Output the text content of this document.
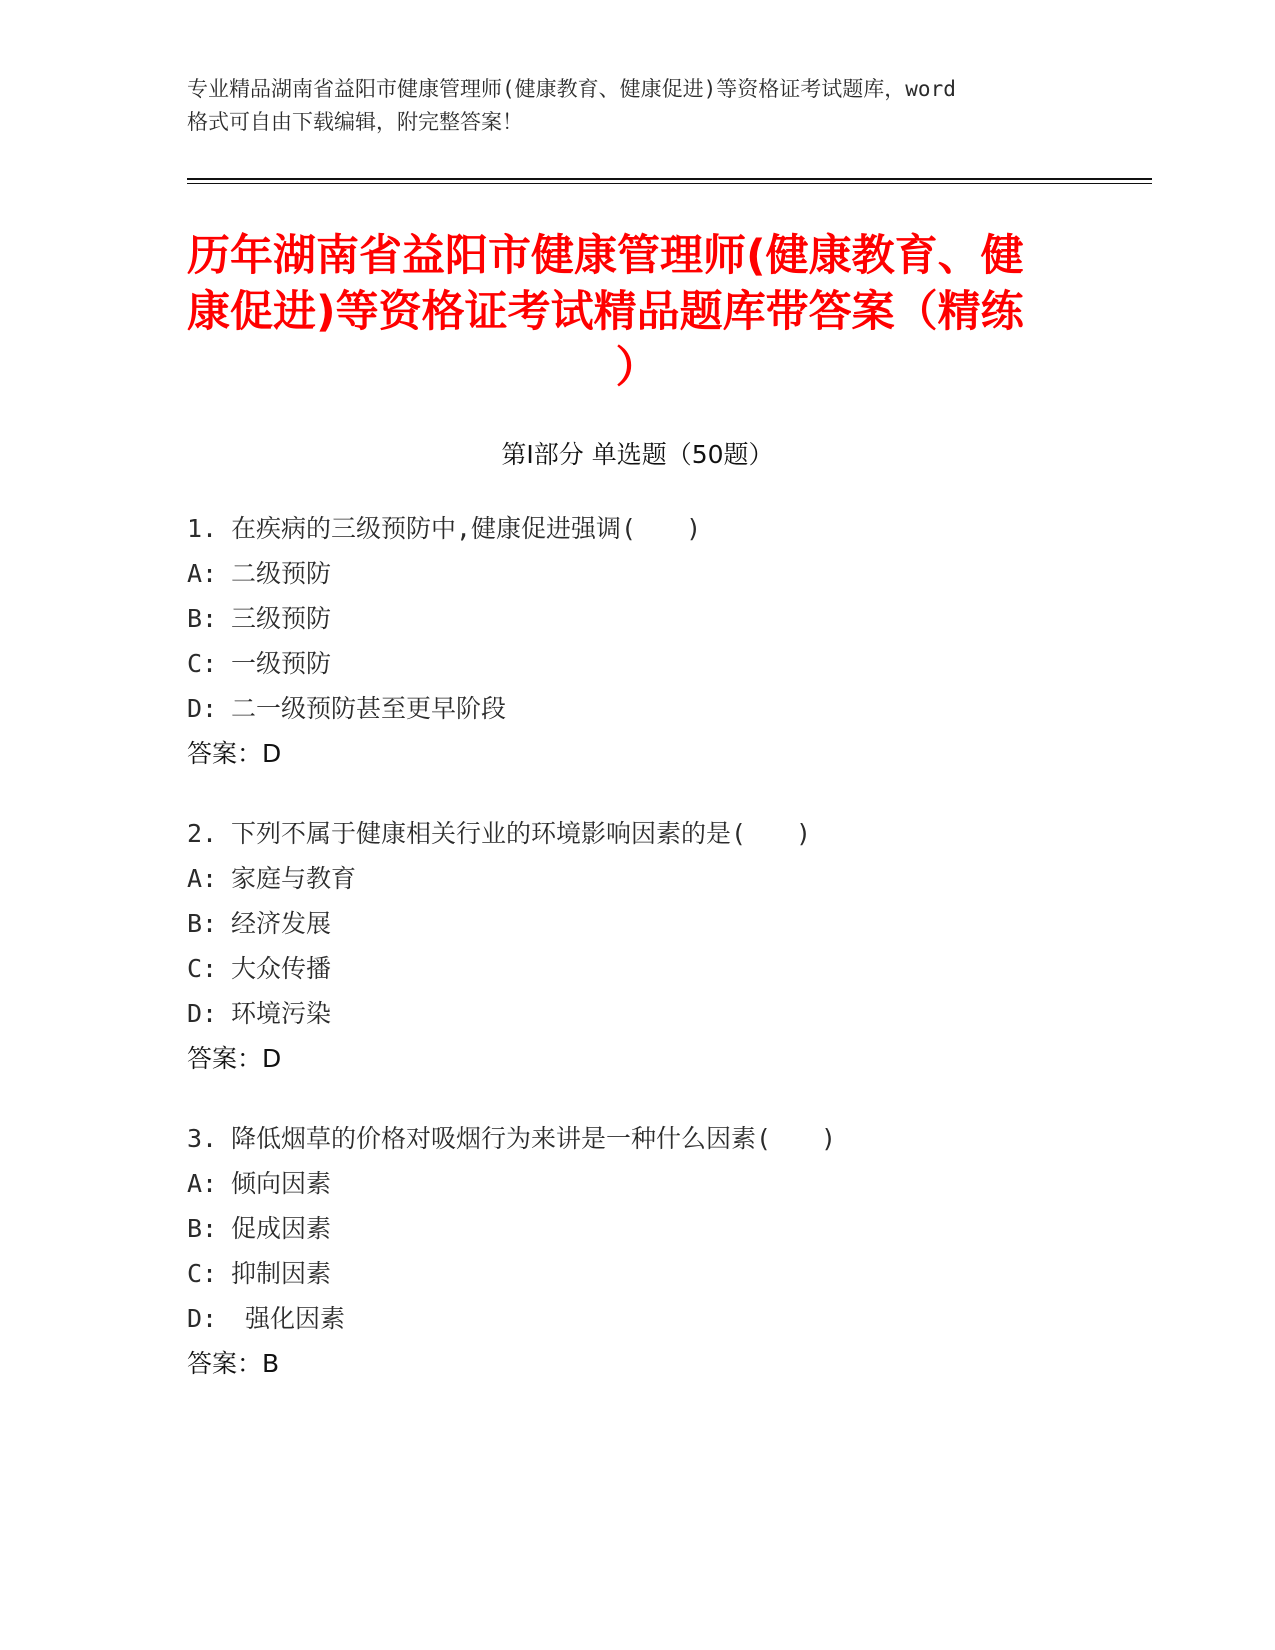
专业精品湖南省益阳市健康管理师(健康教育、健康促进)等资格证考试题库，word
格式可自由下载编辑，附完整答案！
历年湖南省益阳市健康管理师(健康教育、健
康促进)等资格证考试精品题库带答案（精练
）
第Ⅰ部分 单选题（50题）
1. 在疾病的三级预防中,健康促进强调(　　)
A: 二级预防
B: 三级预防
C: 一级预防
D: 二一级预防甚至更早阶段
答案：D
2. 下列不属于健康相关行业的环境影响因素的是(　　)
A: 家庭与教育
B: 经济发展
C: 大众传播
D: 环境污染
答案：D
3. 降低烟草的价格对吸烟行为来讲是一种什么因素(　　)
A: 倾向因素
B: 促成因素
C: 抑制因素
D: 强化因素
答案：B
